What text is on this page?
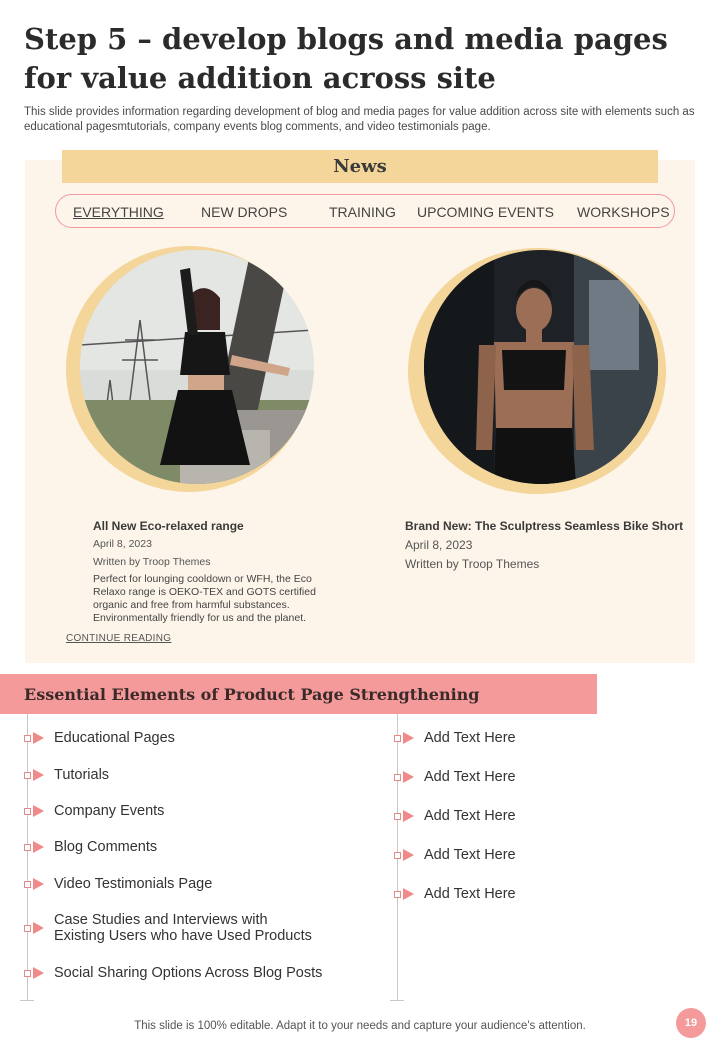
Step 5 – develop blogs and media pages for value addition across site
This slide provides information regarding development of blog and media pages for value addition across site with elements such as educational pagesmtutorials, company events blog comments, and video testimonials page.
News
EVERYTHING	NEW DROPS	TRAINING UPCOMING EVENTS WORKSHOPS
All New Eco-relaxed range
April 8, 2023
Written by Troop Themes
Perfect for lounging cooldown or WFH, the Eco Relaxo range is OEKO-TEX and GOTS certified organic and free from harmful substances. Environmentally friendly for us and the planet.
CONTINUE READING
Brand New: The Sculptress Seamless Bike Short
April 8, 2023
Written by Troop Themes
Essential Elements of Product Page Strengthening
Educational Pages
Tutorials
Company Events
Blog Comments
Video Testimonials Page
Case Studies and Interviews with Existing Users who have Used Products
Social Sharing Options Across Blog Posts
Add Text Here
Add Text Here
Add Text Here
Add Text Here
Add Text Here
This slide is 100% editable. Adapt it to your needs and capture your audience's attention.	19
